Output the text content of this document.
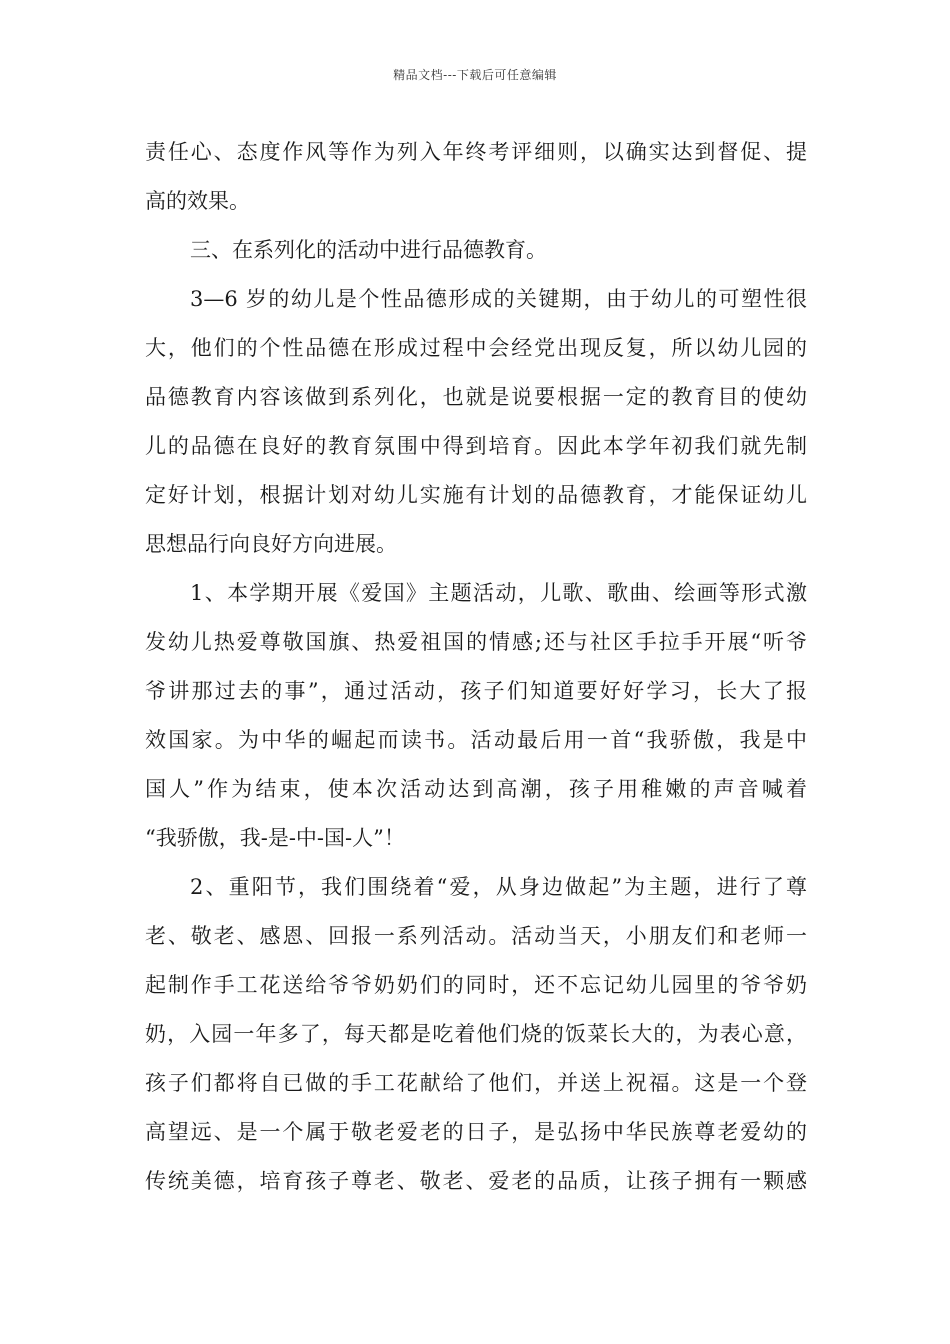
精品文档---下载后可任意编辑
责任心、态度作风等作为列入年终考评细则，以确实达到督促、提
高的效果。
三、在系列化的活动中进行品德教育。
3—6 岁的幼儿是个性品德形成的关键期，由于幼儿的可塑性很
大，他们的个性品德在形成过程中会经党出现反复，所以幼儿园的
品德教育内容该做到系列化，也就是说要根据一定的教育目的使幼
儿的品德在良好的教育氛围中得到培育。因此本学年初我们就先制
定好计划，根据计划对幼儿实施有计划的品德教育，才能保证幼儿
思想品行向良好方向进展。
1、本学期开展《爱国》主题活动，儿歌、歌曲、绘画等形式激
发幼儿热爱尊敬国旗、热爱祖国的情感;还与社区手拉手开展“听爷
爷讲那过去的事”，通过活动，孩子们知道要好好学习，长大了报
效国家。为中华的崛起而读书。活动最后用一首“我骄傲，我是中
国人”作为结束，使本次活动达到高潮，孩子用稚嫩的声音喊着
“我骄傲，我-是-中-国-人”！
2、重阳节，我们围绕着“爱，从身边做起”为主题，进行了尊
老、敬老、感恩、回报一系列活动。活动当天，小朋友们和老师一
起制作手工花送给爷爷奶奶们的同时，还不忘记幼儿园里的爷爷奶
奶，入园一年多了，每天都是吃着他们烧的饭菜长大的，为表心意，
孩子们都将自已做的手工花献给了他们，并送上祝福。这是一个登
高望远、是一个属于敬老爱老的日子，是弘扬中华民族尊老爱幼的
传统美德，培育孩子尊老、敬老、爱老的品质，让孩子拥有一颗感
